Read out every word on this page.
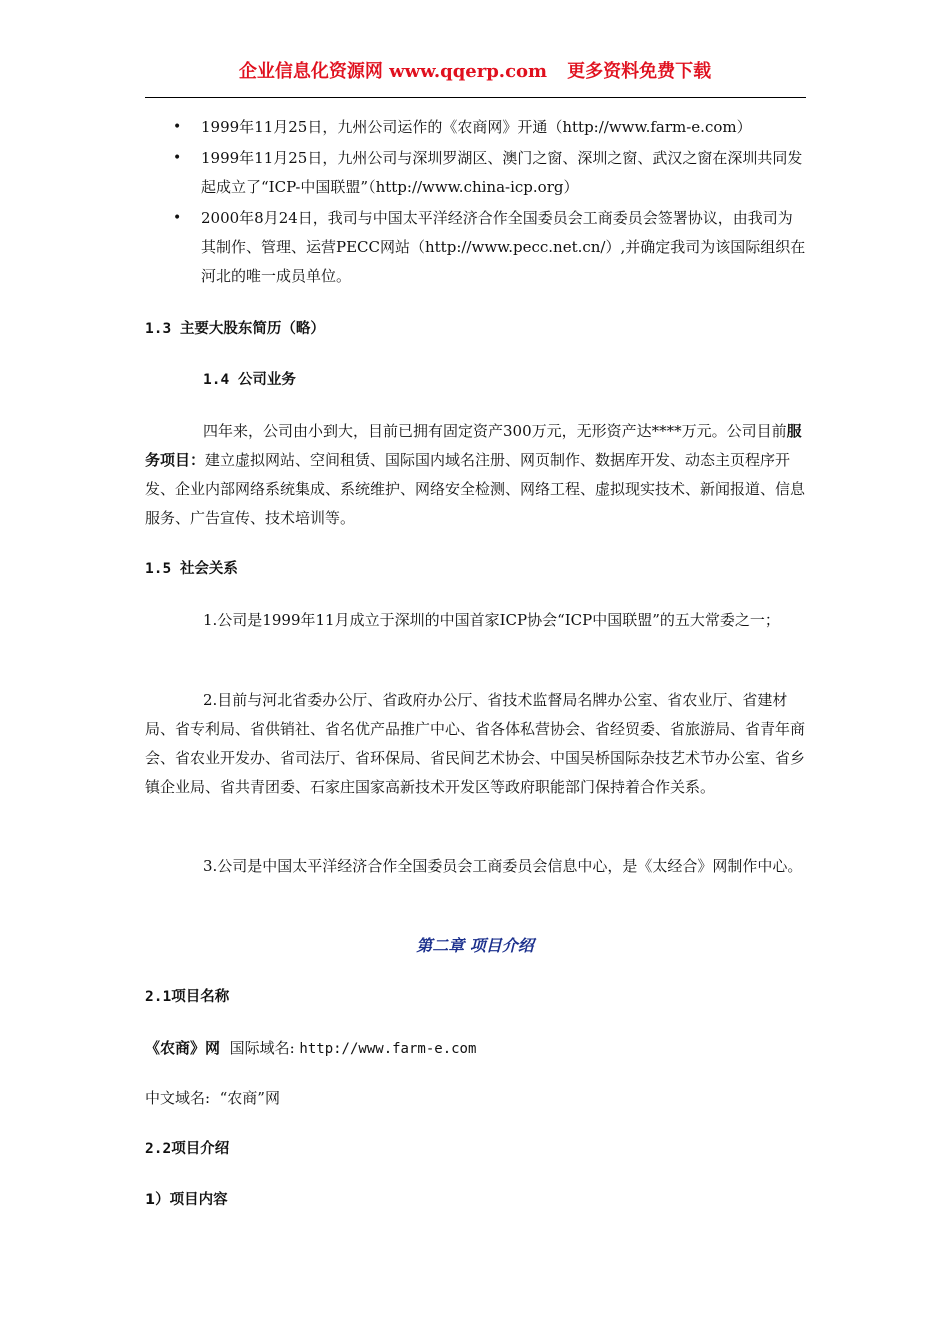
企业信息化资源网 www.qqerp.com 更多资料免费下载
• 1999年11月25日，九州公司运作的《农商网》开通（http://www.farm-e.com）
• 1999年11月25日，九州公司与深圳罗湖区、澳门之窗、深圳之窗、武汉之窗在深圳共同发起成立了“ICP-中国联盟”（http://www.china-icp.org）
• 2000年8月24日，我司与中国太平洋经济合作全国委员会工商委员会签署协议，由我司为其制作、管理、运营PECC网站（http://www.pecc.net.cn/）,并确定我司为该国际组织在河北的唯一成员单位。
1.3 主要大股东简历（略）
1.4 公司业务
四年来，公司由小到大，目前已拥有固定资产300万元，无形资产达****万元。公司目前服务项目：建立虚拟网站、空间租赁、国际国内域名注册、网页制作、数据库开发、动态主页程序开发、企业内部网络系统集成、系统维护、网络安全检测、网络工程、虚拟现实技术、新闻报道、信息服务、广告宣传、技术培训等。
1.5 社会关系
1.公司是1999年11月成立于深圳的中国首家ICP协会“ICP中国联盟”的五大常委之一；
2.目前与河北省委办公厅、省政府办公厅、省技术监督局名牌办公室、省农业厅、省建材局、省专利局、省供销社、省名优产品推广中心、省各体私营协会、省经贸委、省旅游局、省青年商会、省农业开发办、省司法厅、省环保局、省民间艺术协会、中国吴桥国际杂技艺术节办公室、省乡镇企业局、省共青团委、石家庄国家高新技术开发区等政府职能部门保持着合作关系。
3.公司是中国太平洋经济合作全国委员会工商委员会信息中心，是《太经合》网制作中心。
第二章 项目介绍
2.1项目名称
《农商》网 国际域名: http://www.farm-e.com
中文域名: “农商”网
2.2项目介绍
1）项目内容
